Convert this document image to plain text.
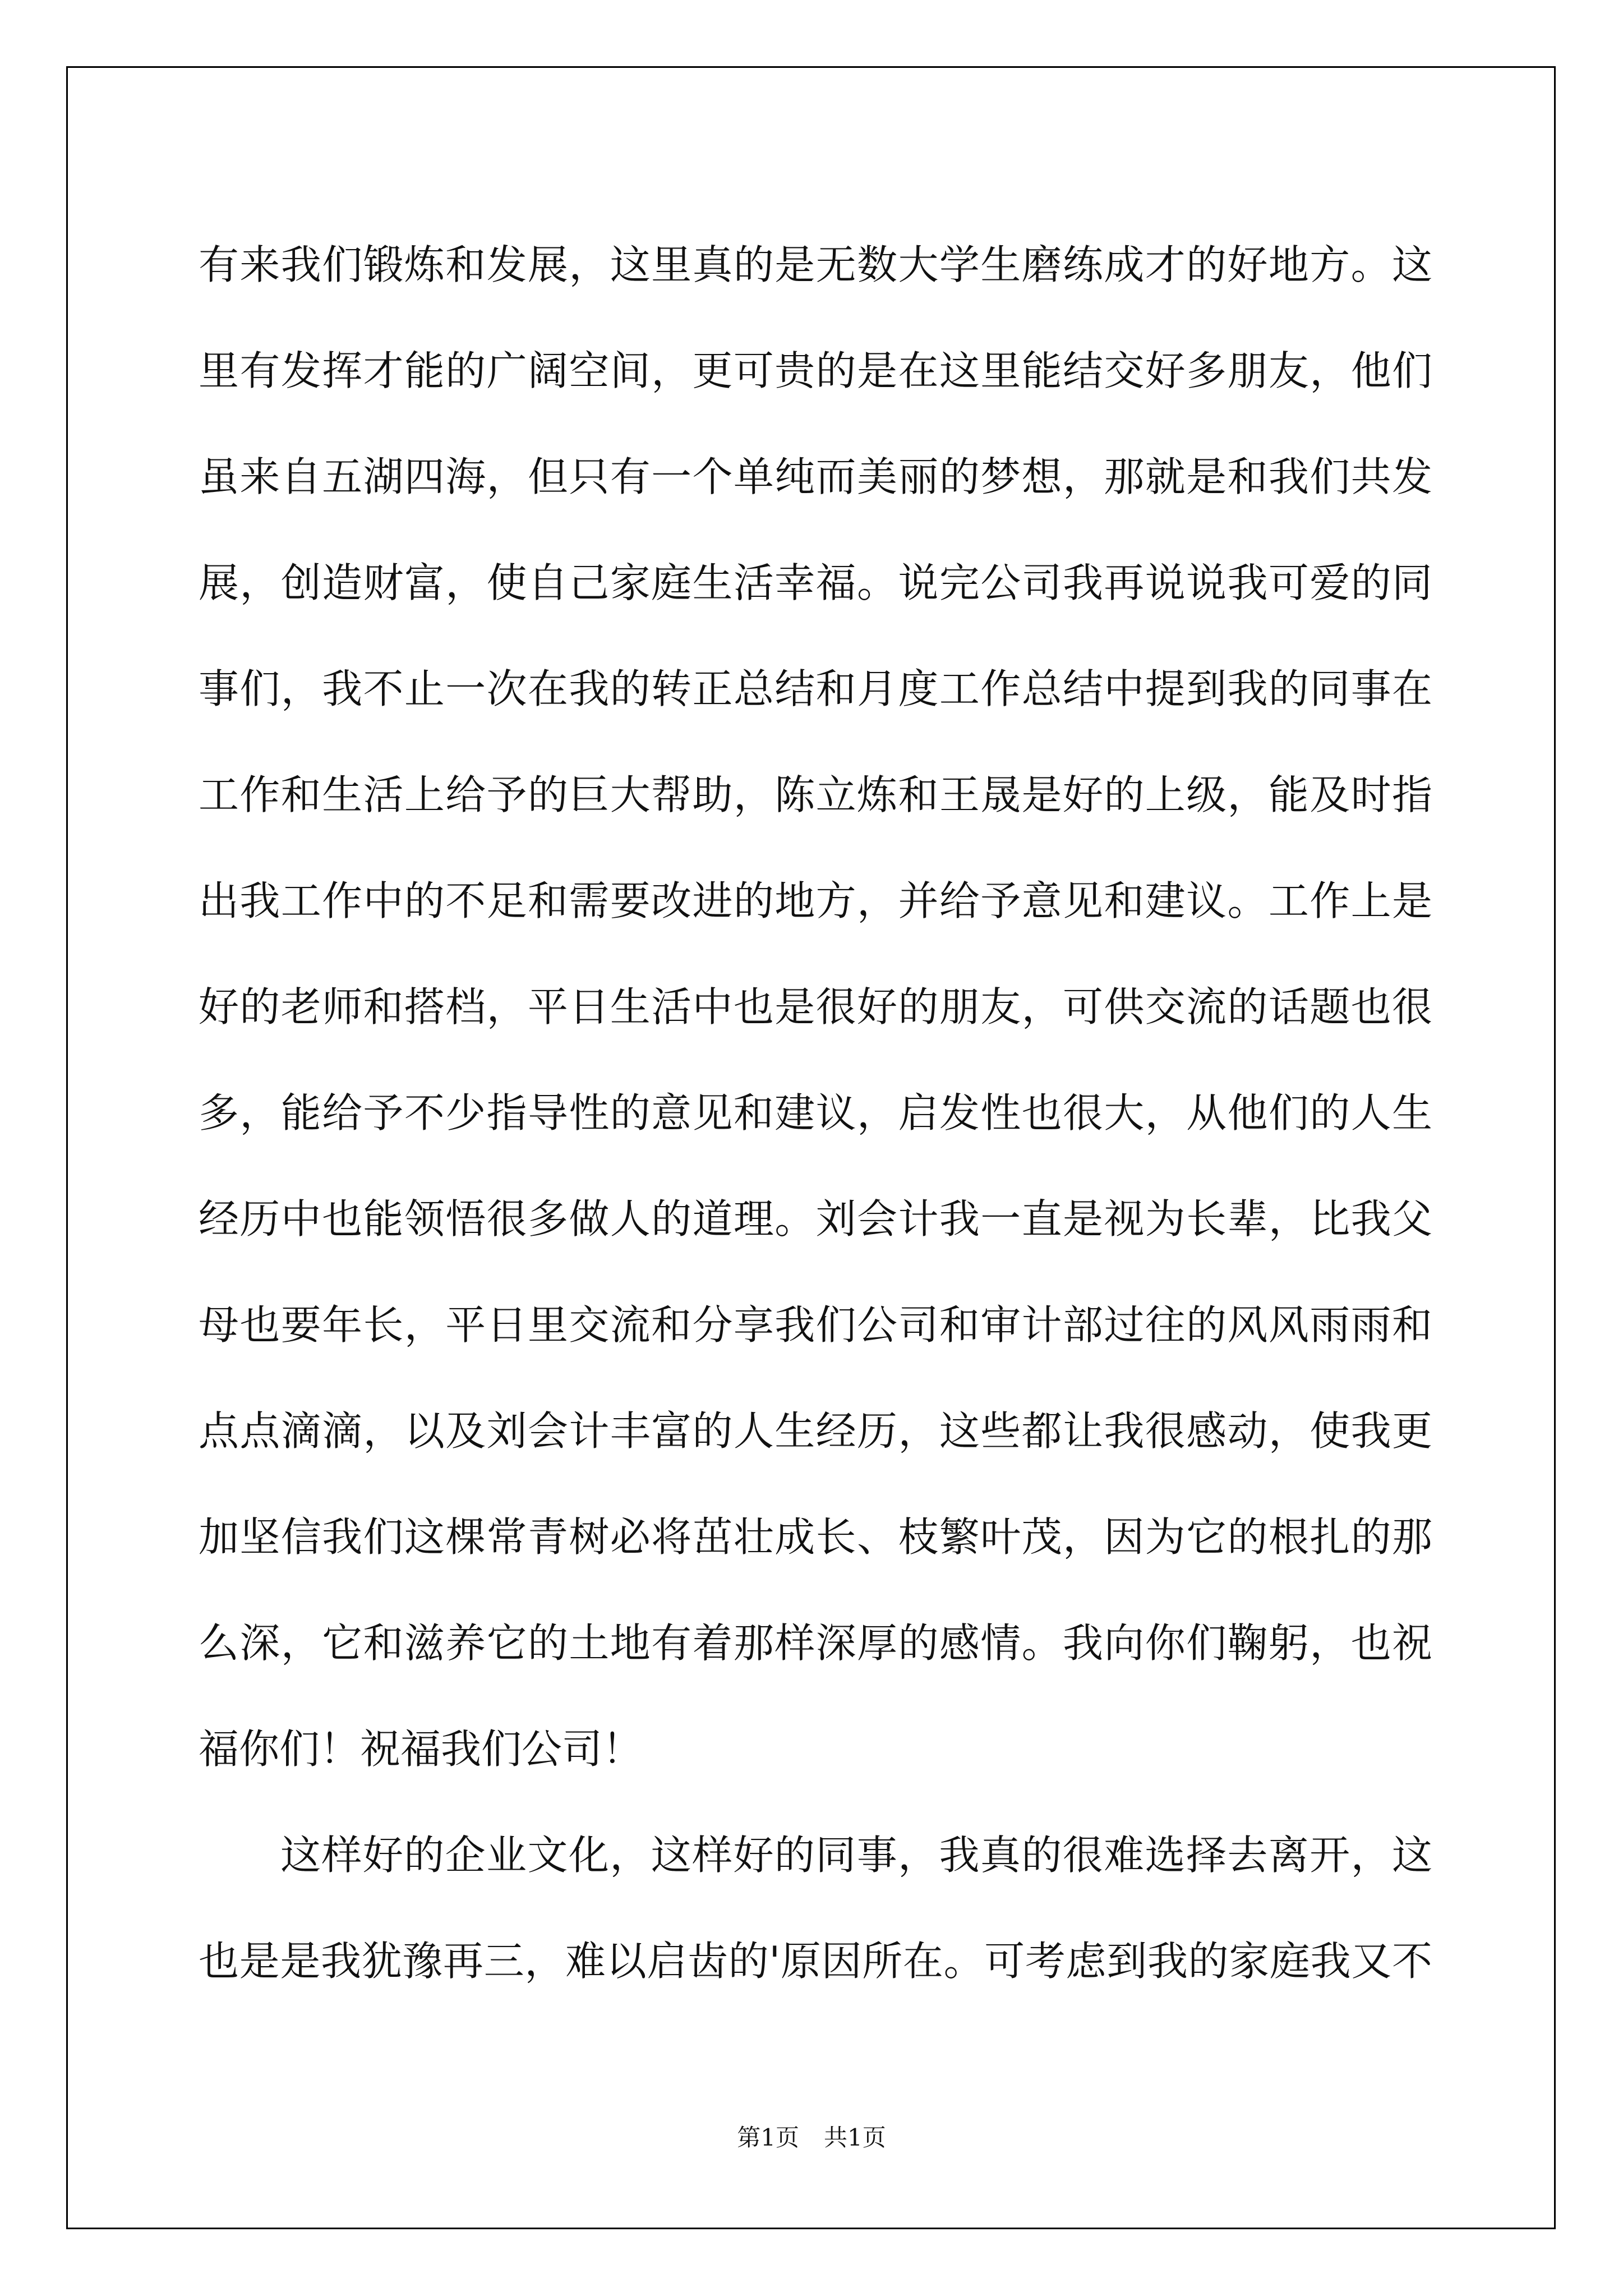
有来我们锻炼和发展，这里真的是无数大学生磨练成才的好地方。这
里有发挥才能的广阔空间，更可贵的是在这里能结交好多朋友，他们
虽来自五湖四海，但只有一个单纯而美丽的梦想，那就是和我们共发
展，创造财富，使自己家庭生活幸福。说完公司我再说说我可爱的同
事们，我不止一次在我的转正总结和月度工作总结中提到我的同事在
工作和生活上给予的巨大帮助，陈立炼和王晟是好的上级，能及时指
出我工作中的不足和需要改进的地方，并给予意见和建议。工作上是
好的老师和搭档，平日生活中也是很好的朋友，可供交流的话题也很
多，能给予不少指导性的意见和建议，启发性也很大，从他们的人生
经历中也能领悟很多做人的道理。刘会计我一直是视为长辈，比我父
母也要年长，平日里交流和分享我们公司和审计部过往的风风雨雨和
点点滴滴，以及刘会计丰富的人生经历，这些都让我很感动，使我更
加坚信我们这棵常青树必将茁壮成长、枝繁叶茂，因为它的根扎的那
么深，它和滋养它的土地有着那样深厚的感情。我向你们鞠躬，也祝
福你们！祝福我们公司！
这样好的企业文化，这样好的同事，我真的很难选择去离开，这
也是是我犹豫再三，难以启齿的'原因所在。可考虑到我的家庭我又不
第1页 共1页
